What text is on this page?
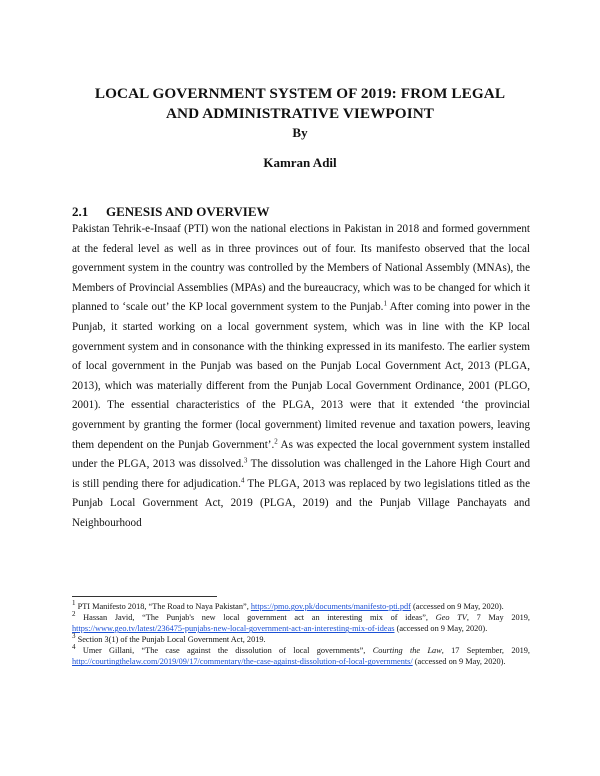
LOCAL GOVERNMENT SYSTEM OF 2019: FROM LEGAL
AND ADMINISTRATIVE VIEWPOINT
By
Kamran Adil
2.1 GENESIS AND OVERVIEW

Pakistan Tehrik-e-Insaaf (PTI) won the national elections in Pakistan in 2018 and formed government at the federal level as well as in three provinces out of four. Its manifesto observed that the local government system in the country was controlled by the Members of National Assembly (MNAs), the Members of Provincial Assemblies (MPAs) and the bureaucracy, which was to be changed for which it planned to ‘scale out’ the KP local government system to the Punjab.$^1$ After coming into power in the Punjab, it started working on a local government system, which was in line with the KP local government system and in consonance with the thinking expressed in its manifesto. The earlier system of local government in the Punjab was based on the Punjab Local Government Act, 2013 (PLGA, 2013), which was materially different from the Punjab Local Government Ordinance, 2001 (PLGO, 2001). The essential characteristics of the PLGA, 2013 were that it extended ‘the provincial government by granting the former (local government) limited revenue and taxation powers, leaving them dependent on the Punjab Government’.$^2$ As was expected the local government system installed under the PLGA, 2013 was dissolved.$^3$ The dissolution was challenged in the Lahore High Court and is still pending there for adjudication.$^4$ The PLGA, 2013 was replaced by two legislations titled as the Punjab Local Government Act, 2019 (PLGA, 2019) and the Punjab Village Panchayats and Neighbourhood

$^1$ PTI Manifesto 2018, “The Road to Naya Pakistan”, https://pmo.gov.pk/documents/manifesto-pti.pdf (accessed on 9 May, 2020).

$^2$ Hassan Javid, “The Punjab's new local government act an interesting mix of ideas”, Geo TV, 7 May 2019, https://www.geo.tv/latest/236475-punjabs-new-local-government-act-an-interesting-mix-of-ideas (accessed on 9 May, 2020).

$^3$ Section 3(1) of the Punjab Local Government Act, 2019.

$^4$ Umer Gillani, “The case against the dissolution of local governments”, Courting the Law, 17 September, 2019, http://courtingthelaw.com/2019/09/17/commentary/the-case-against-dissolution-of-local-governments/ (accessed on 9 May, 2020).
